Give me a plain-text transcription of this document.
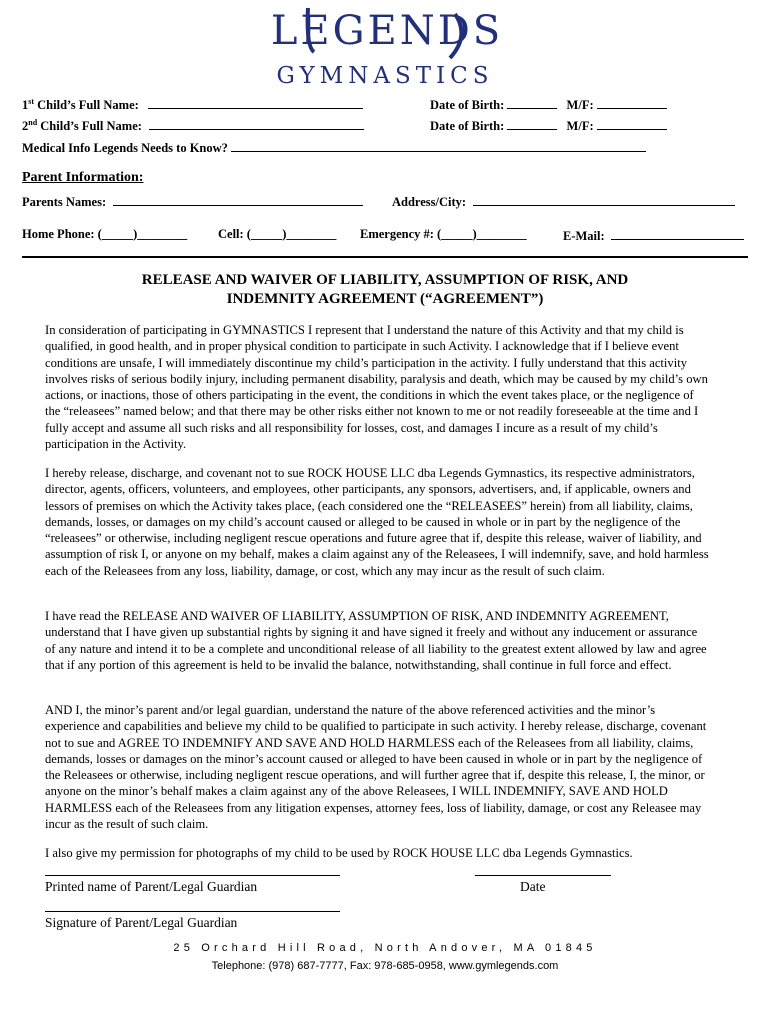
LEGENDS
GYMNASTICS
1st Child’s Full Name:	Date of Birth:	M/F:
2nd Child’s Full Name:	Date of Birth:	M/F:
Medical Info Legends Needs to Know?
Parent Information:
Parents Names:	Address/City:
Home Phone: (_____)________ Cell: (_____)________ Emergency #: (_____)________	E-Mail:
RELEASE AND WAIVER OF LIABILITY, ASSUMPTION OF RISK, AND
INDEMNITY AGREEMENT (“AGREEMENT”)

In consideration of participating in GYMNASTICS I represent that I understand the nature of this Activity and that my child is qualified, in good health, and in proper physical condition to participate in such Activity. I acknowledge that if I believe event conditions are unsafe, I will immediately discontinue my child’s participation in the activity. I fully understand that this activity involves risks of serious bodily injury, including permanent disability, paralysis and death, which may be caused by my child’s own actions, or inactions, those of others participating in the event, the conditions in which the event takes place, or the negligence of the “releasees” named below; and that there may be other risks either not known to me or not readily foreseeable at the time and I fully accept and assume all such risks and all responsibility for losses, cost, and damages I incure as a result of my child’s participation in the Activity.

I hereby release, discharge, and covenant not to sue ROCK HOUSE LLC dba Legends Gymnastics, its respective administrators, director, agents, officers, volunteers, and employees, other participants, any sponsors, advertisers, and, if applicable, owners and lessors of premises on which the Activity takes place, (each considered one the “RELEASEES” herein) from all liability, claims, demands, losses, or damages on my child’s account caused or alleged to be caused in whole or in part by the negligence of the “releasees” or otherwise, including negligent rescue operations and future agree that if, despite this release, waiver of liability, and assumption of risk I, or anyone on my behalf, makes a claim against any of the Releasees, I will indemnify, save, and hold harmless each of the Releasees from any loss, liability, damage, or cost, which any may incur as the result of such claim.

I have read the RELEASE AND WAIVER OF LIABILITY, ASSUMPTION OF RISK, AND INDEMNITY AGREEMENT, understand that I have given up substantial rights by signing it and have signed it freely and without any inducement or assurance of any nature and intend it to be a complete and unconditional release of all liability to the greatest extent allowed by law and agree that if any portion of this agreement is held to be invalid the balance, notwithstanding, shall continue in full force and effect.

AND I, the minor’s parent and/or legal guardian, understand the nature of the above referenced activities and the minor’s experience and capabilities and believe my child to be qualified to participate in such activity. I hereby release, discharge, covenant not to sue and AGREE TO INDEMNIFY AND SAVE AND HOLD HARMLESS each of the Releasees from all liability, claims, demands, losses or damages on the minor’s account caused or alleged to have been caused in whole or in part by the negligence of the Releasees or otherwise, including negligent rescue operations, and will further agree that if, despite this release, I, the minor, or anyone on the minor’s behalf makes a claim against any of the above Releasees, I WILL INDEMNIFY, SAVE AND HOLD HARMLESS each of the Releasees from any litigation expenses, attorney fees, loss of liability, damage, or cost any Releasee may incur as the result of such claim.

I also give my permission for photographs of my child to be used by ROCK HOUSE LLC dba Legends Gymnastics.

Printed name of Parent/Legal Guardian	Date
Signature of Parent/Legal Guardian
25 Orchard Hill Road, North Andover, MA 01845
Telephone: (978) 687-7777, Fax: 978-685-0958, www.gymlegends.com
